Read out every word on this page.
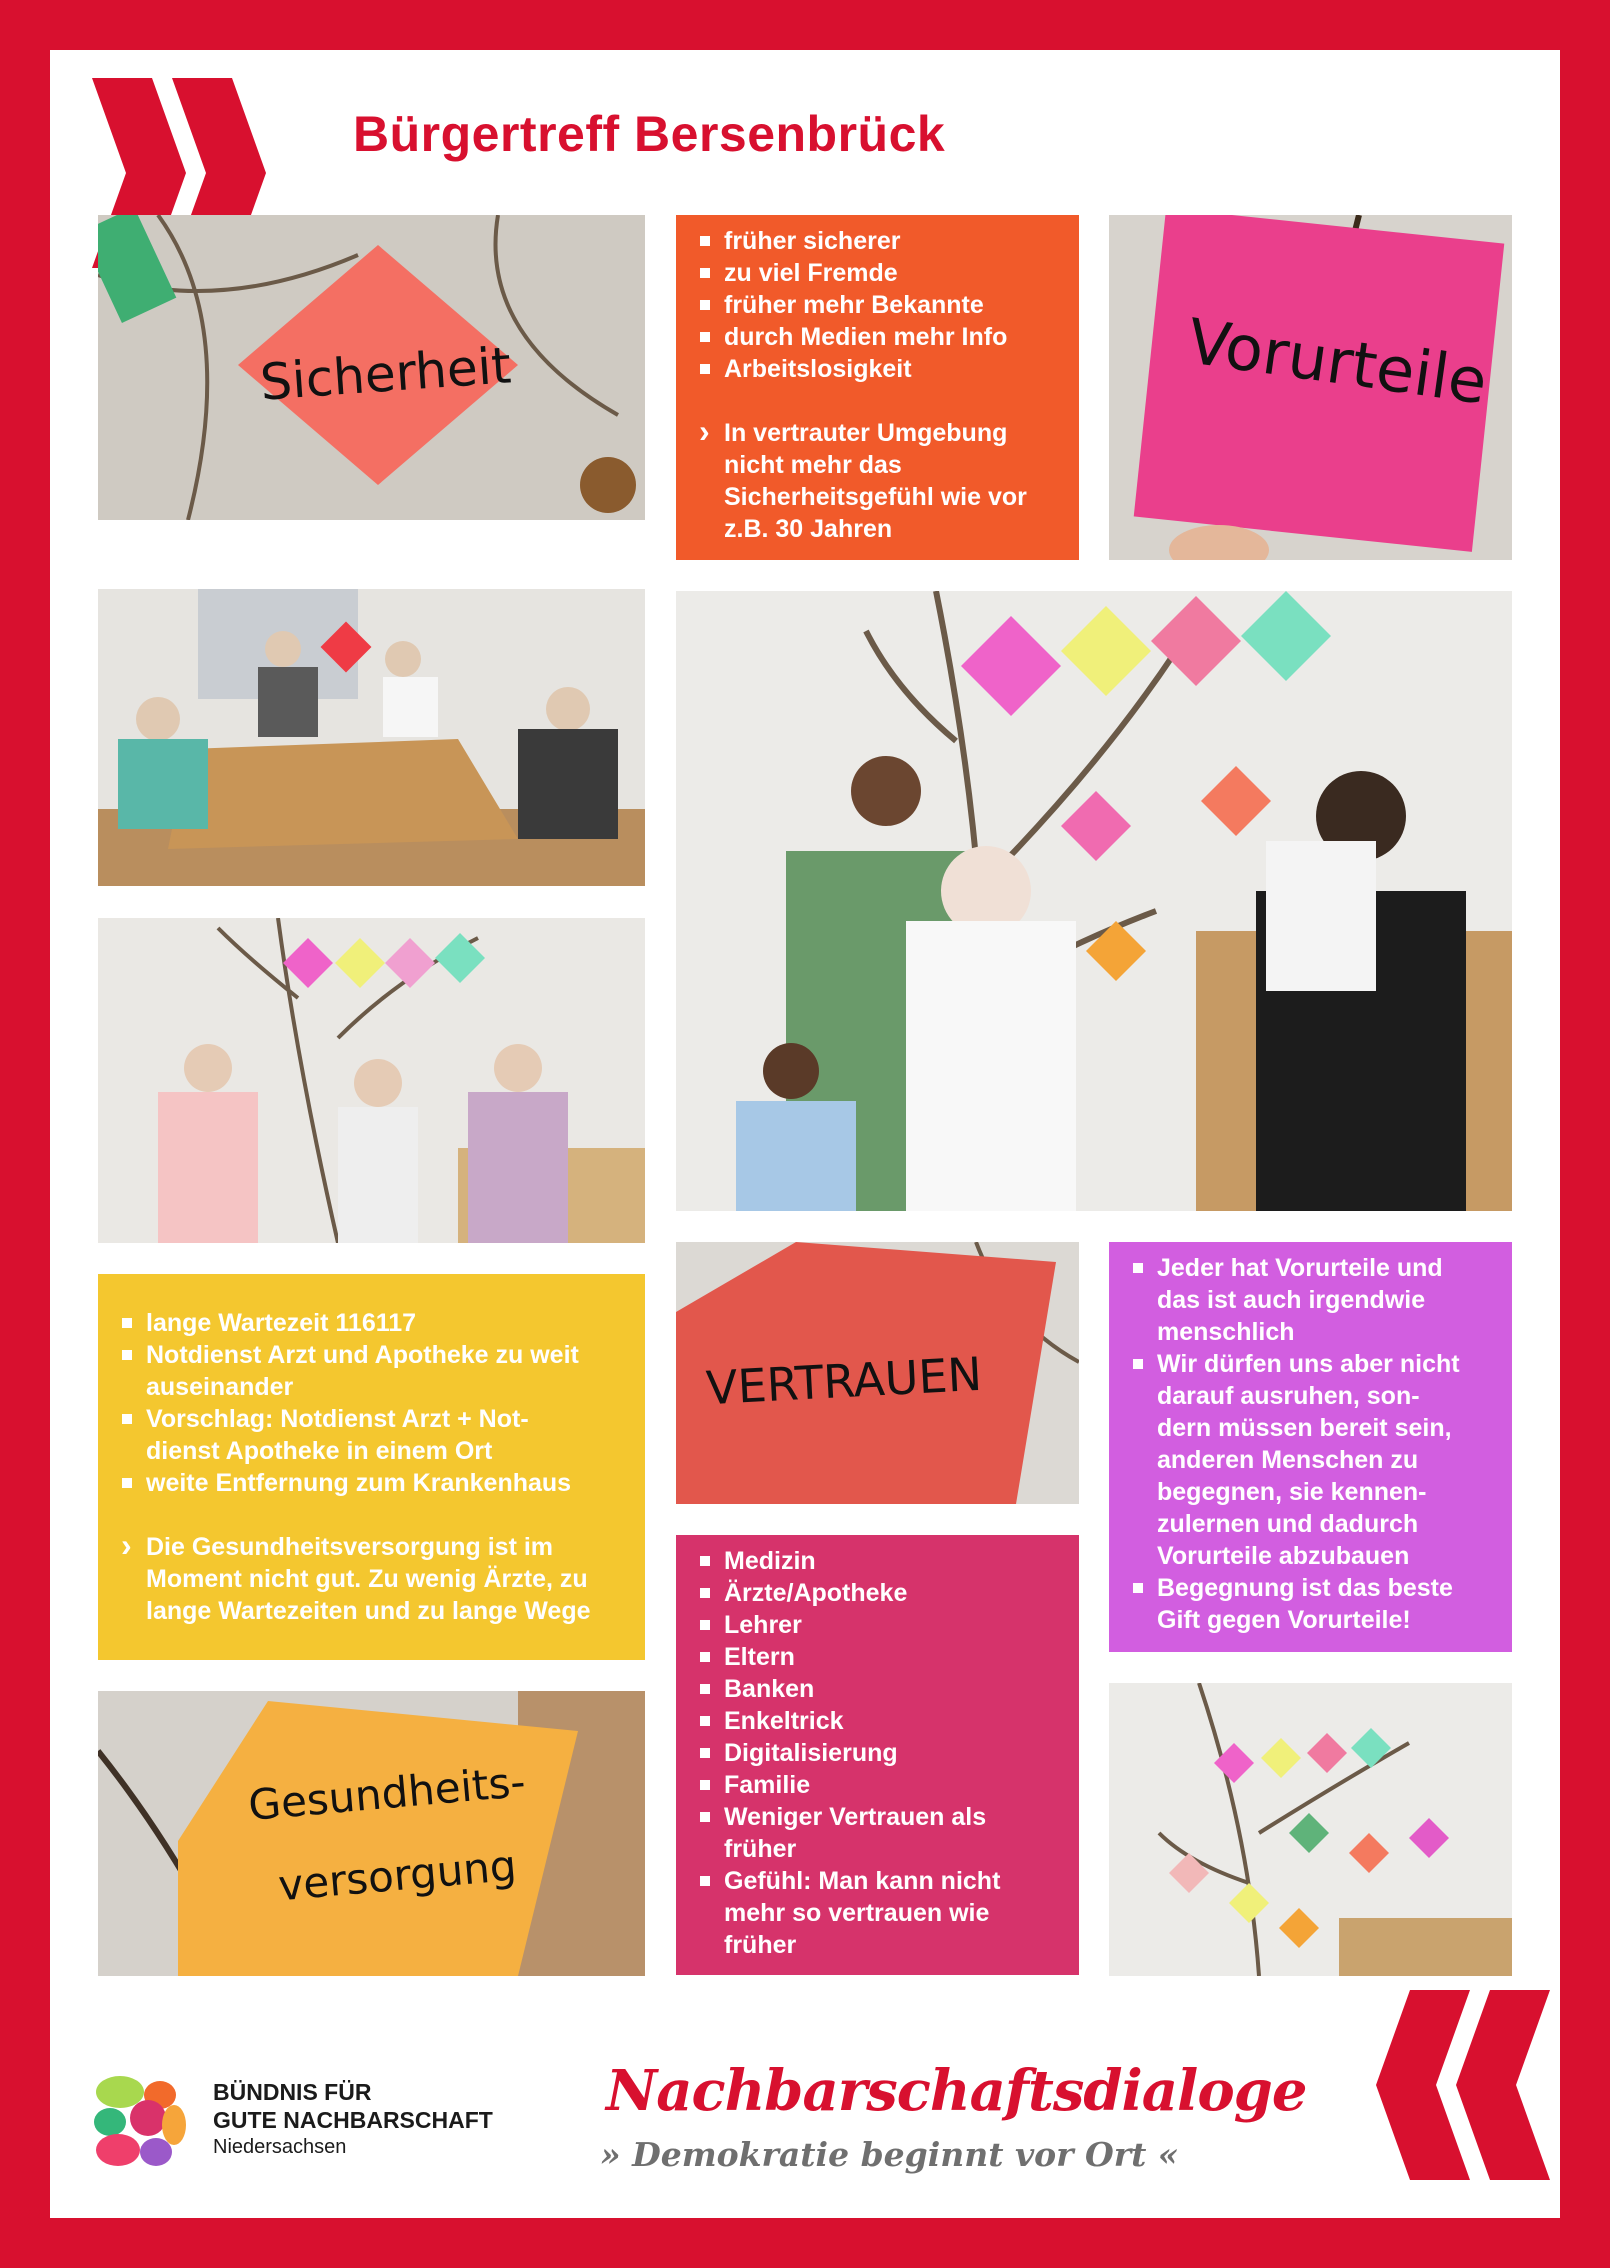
Bürgertreff Bersenbrück
Sicherheit
früher sicherer
zu viel Fremde
früher mehr Bekannte
durch Medien mehr Info
Arbeitslosigkeit
› In vertrauter Umgebung
nicht mehr das
Sicherheitsgefühl wie vor
z.B. 30 Jahren
Vorurteile
lange Wartezeit 116117
Notdienst Arzt und Apotheke zu weit
auseinander
Vorschlag: Notdienst Arzt + Not-
dienst Apotheke in einem Ort
weite Entfernung zum Krankenhaus
› Die Gesundheitsversorgung ist im
Moment nicht gut. Zu wenig Ärzte, zu
lange Wartezeiten und zu lange Wege
VERTRAUEN
Jeder hat Vorurteile und
das ist auch irgendwie
menschlich
Wir dürfen uns aber nicht
darauf ausruhen, son-
dern müssen bereit sein,
anderen Menschen zu
begegnen, sie kennen-
zulernen und dadurch
Vorurteile abzubauen
Begegnung ist das beste
Gift gegen Vorurteile!
Medizin
Ärzte/Apotheke
Lehrer
Eltern
Banken
Enkeltrick
Digitalisierung
Familie
Weniger Vertrauen als
früher
Gefühl: Man kann nicht
mehr so vertrauen wie
früher
Gesundheits-
versorgung
BÜNDNIS FÜR
GUTE NACHBARSCHAFT
Niedersachsen
Nachbarschaftsdialoge
» Demokratie beginnt vor Ort «
